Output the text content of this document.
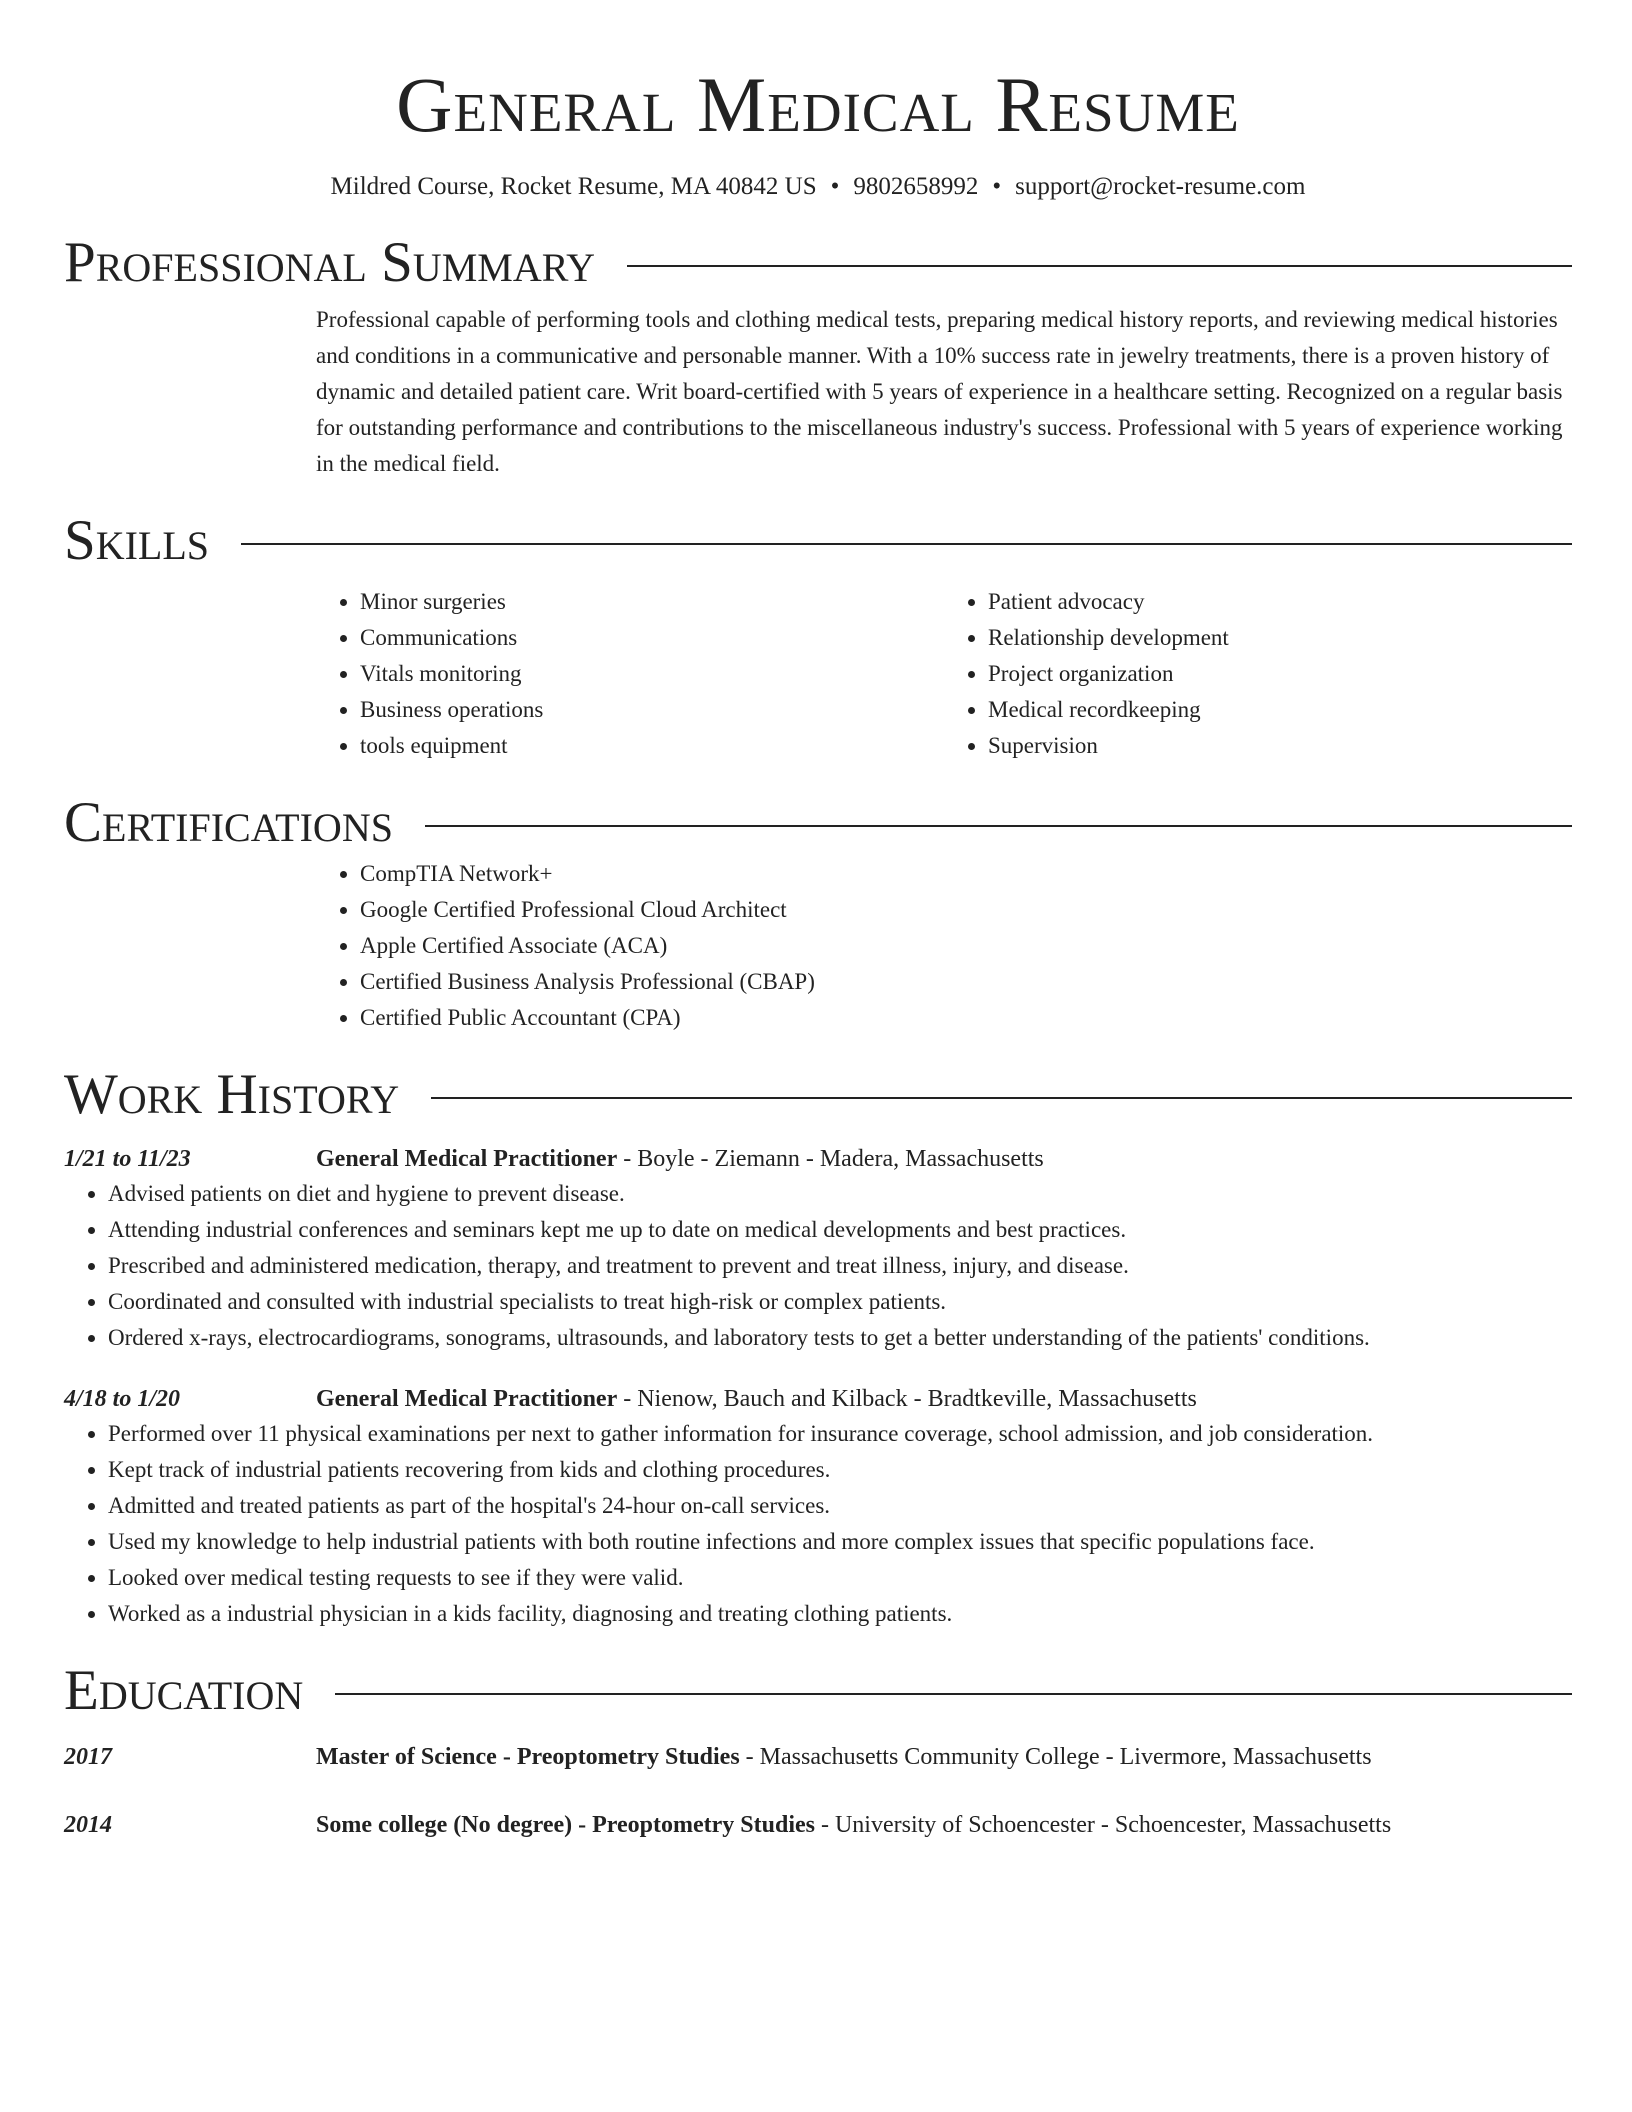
General Medical Resume
Mildred Course, Rocket Resume, MA 40842 US • 9802658992 • support@rocket-resume.com
Professional Summary

Professional capable of performing tools and clothing medical tests, preparing medical history reports, and reviewing medical histories and conditions in a communicative and personable manner. With a 10% success rate in jewelry treatments, there is a proven history of dynamic and detailed patient care. Writ board-certified with 5 years of experience in a healthcare setting. Recognized on a regular basis for outstanding performance and contributions to the miscellaneous industry's success. Professional with 5 years of experience working in the medical field.

Skills
• Minor surgeries
• Communications
• Vitals monitoring
• Business operations
• tools equipment
• Patient advocacy
• Relationship development
• Project organization
• Medical recordkeeping
• Supervision
Certifications
• CompTIA Network+
• Google Certified Professional Cloud Architect
• Apple Certified Associate (ACA)
• Certified Business Analysis Professional (CBAP)
• Certified Public Accountant (CPA)
Work History
1/21 to 11/23	General Medical Practitioner - Boyle - Ziemann - Madera, Massachusetts
• Advised patients on diet and hygiene to prevent disease.
• Attending industrial conferences and seminars kept me up to date on medical developments and best practices.
• Prescribed and administered medication, therapy, and treatment to prevent and treat illness, injury, and disease.
• Coordinated and consulted with industrial specialists to treat high-risk or complex patients.
• Ordered x-rays, electrocardiograms, sonograms, ultrasounds, and laboratory tests to get a better understanding of the patients' conditions.
4/18 to 1/20	General Medical Practitioner - Nienow, Bauch and Kilback - Bradtkeville, Massachusetts
• Performed over 11 physical examinations per next to gather information for insurance coverage, school admission, and job consideration.
• Kept track of industrial patients recovering from kids and clothing procedures.
• Admitted and treated patients as part of the hospital's 24-hour on-call services.
• Used my knowledge to help industrial patients with both routine infections and more complex issues that specific populations face.
• Looked over medical testing requests to see if they were valid.
• Worked as a industrial physician in a kids facility, diagnosing and treating clothing patients.
Education
2017	Master of Science - Preoptometry Studies - Massachusetts Community College - Livermore, Massachusetts
2014	Some college (No degree) - Preoptometry Studies - University of Schoencester - Schoencester, Massachusetts
